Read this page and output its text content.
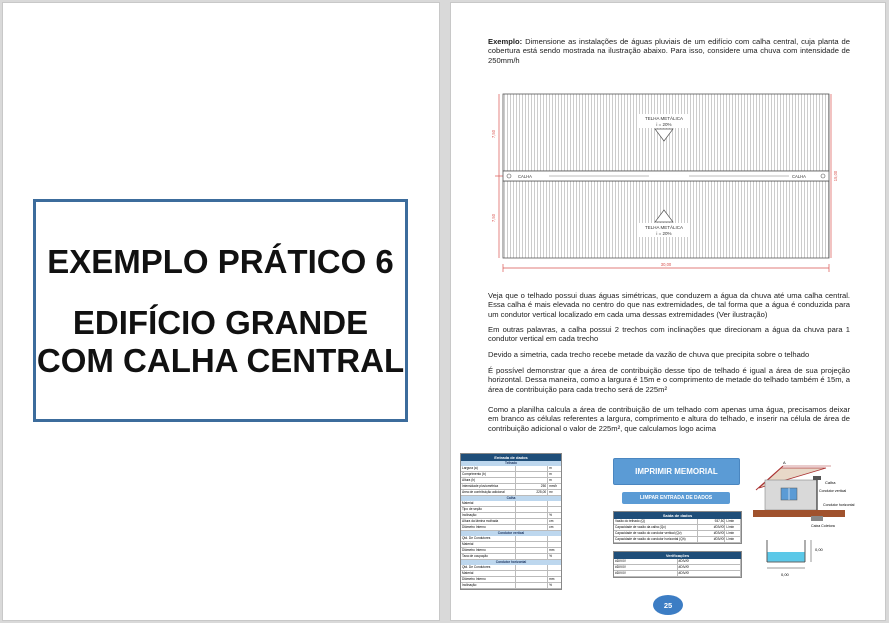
EXEMPLO PRÁTICO 6
EDIFÍCIO GRANDE
COM CALHA CENTRAL
Exemplo: Dimensione as instalações de águas pluviais de um edifício com calha central, cuja planta de cobertura está sendo mostrada na ilustração abaixo. Para isso, considere uma chuva com intensidade de 250mm/h
TELHA METÁLICA
i = 20%
TELHA METÁLICA
i = 20%
CALHA	CALHA
7,50
7,50
15,00
30,00
Veja que o telhado possui duas águas simétricas, que conduzem a água da chuva até uma calha central. Essa calha é mais elevada no centro do que nas extremidades, de tal forma que a água é conduzida para um condutor vertical localizado em cada uma dessas extremidades (Ver ilustração)
Em outras palavras, a calha possui 2 trechos com inclinações que direcionam a água da chuva para 1 condutor vertical em cada trecho
Devido a simetria, cada trecho recebe metade da vazão de chuva que precipita sobre o telhado
É possível demonstrar que a área de contribuição desse tipo de telhado é igual a área de sua projeção horizontal. Dessa maneira, como a largura é 15m e o comprimento de metade do telhado também é 15m, a área de contribuição para cada trecho será de 225m²
Como a planilha calcula a área de contribuição de um telhado com apenas uma água, precisamos deixar em branco as células referentes a largura, comprimento e altura do telhado, e inserir na célula de área de contribuição adicional o valor de 225m², que calculamos logo acima
Entrada de dados
Telhado
Largura (a)	m
Comprimento (b)	m
Altura (h)	m
Intensidade pluviométrica	250 mm/h
Área de contribuição adicional	225,00 m²
Calha
Material
Tipo de seção
Inclinação	%
Altura da lâmina molhada	cm
Diâmetro Interno	cm
Condutor vertical
Qtd. De Condutores
Material
Diâmetro Interno	mm
Taxa de ocupação	%
Condutor horizontal
Qtd. De Condutores
Material
Diâmetro Interno	mm
Inclinação	%
IMPRIMIR MEMORIAL
LIMPAR ENTRADA DE DADOS
Saída de dados
Vazão do telhado (Q)	937,50 L/min
Capacidade de vazão da calha (Qc)	#DIV/0! L/min
Capacidade de vazão do condutor vertical (Qv)	#DIV/0! L/min
Capacidade de vazão do condutor horizontal (Qh)	#DIV/0! L/min
Verificações
#DIV/0!	#DIV/0!
#DIV/0!	#DIV/0!
#DIV/0!	#DIV/0!
A
Calha
Condutor vertical
Condutor horizontal
Caixa Coletora
0,00
0,00
25
